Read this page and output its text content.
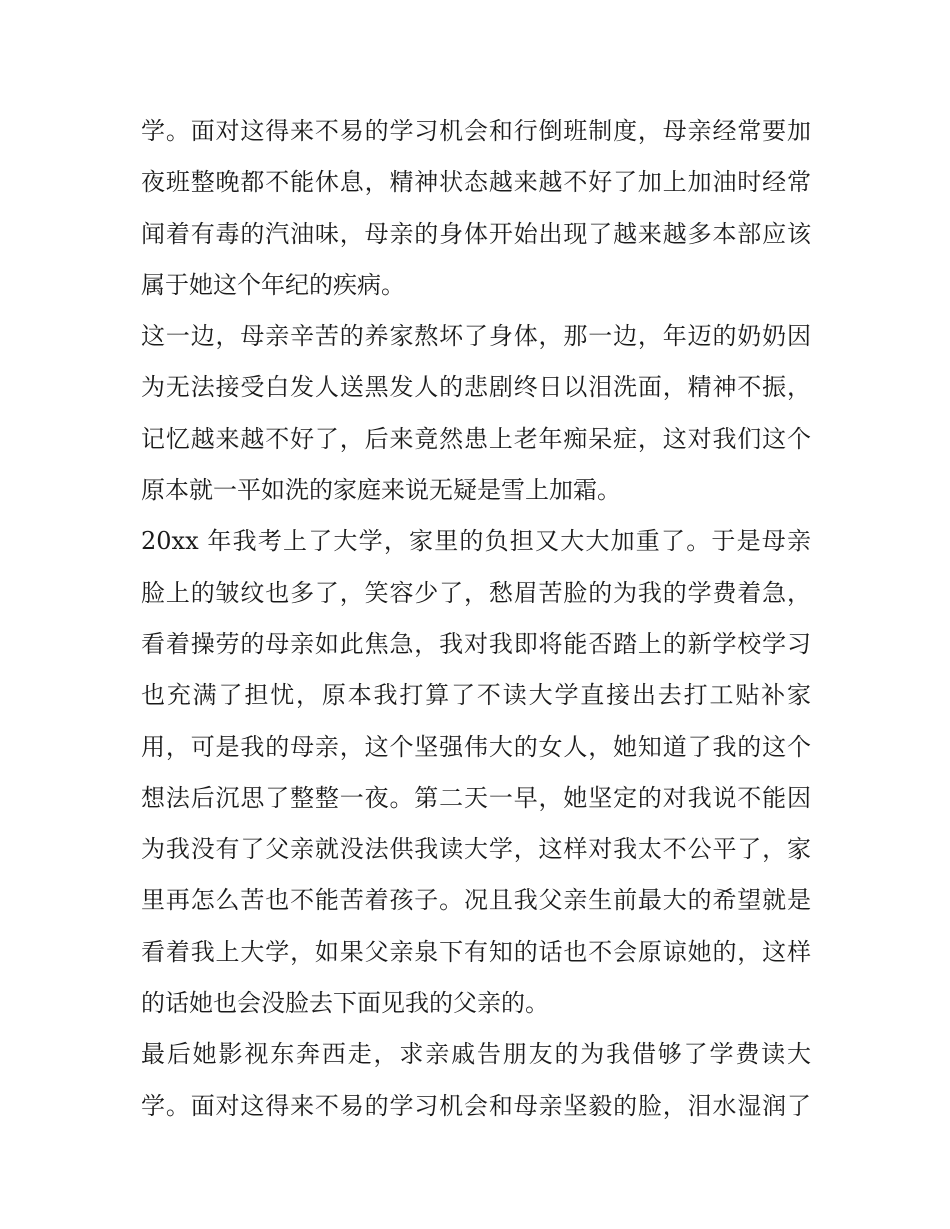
学。面对这得来不易的学习机会和行倒班制度，母亲经常要加
夜班整晚都不能休息，精神状态越来越不好了加上加油时经常
闻着有毒的汽油味，母亲的身体开始出现了越来越多本部应该
属于她这个年纪的疾病。
这一边，母亲辛苦的养家熬坏了身体，那一边，年迈的奶奶因
为无法接受白发人送黑发人的悲剧终日以泪洗面，精神不振，
记忆越来越不好了，后来竟然患上老年痴呆症，这对我们这个
原本就一平如洗的家庭来说无疑是雪上加霜。
20xx 年我考上了大学，家里的负担又大大加重了。于是母亲
脸上的皱纹也多了，笑容少了，愁眉苦脸的为我的学费着急，
看着操劳的母亲如此焦急，我对我即将能否踏上的新学校学习
也充满了担忧，原本我打算了不读大学直接出去打工贴补家
用，可是我的母亲，这个坚强伟大的女人，她知道了我的这个
想法后沉思了整整一夜。第二天一早，她坚定的对我说不能因
为我没有了父亲就没法供我读大学，这样对我太不公平了，家
里再怎么苦也不能苦着孩子。况且我父亲生前最大的希望就是
看着我上大学，如果父亲泉下有知的话也不会原谅她的，这样
的话她也会没脸去下面见我的父亲的。
最后她影视东奔西走，求亲戚告朋友的为我借够了学费读大
学。面对这得来不易的学习机会和母亲坚毅的脸，泪水湿润了
